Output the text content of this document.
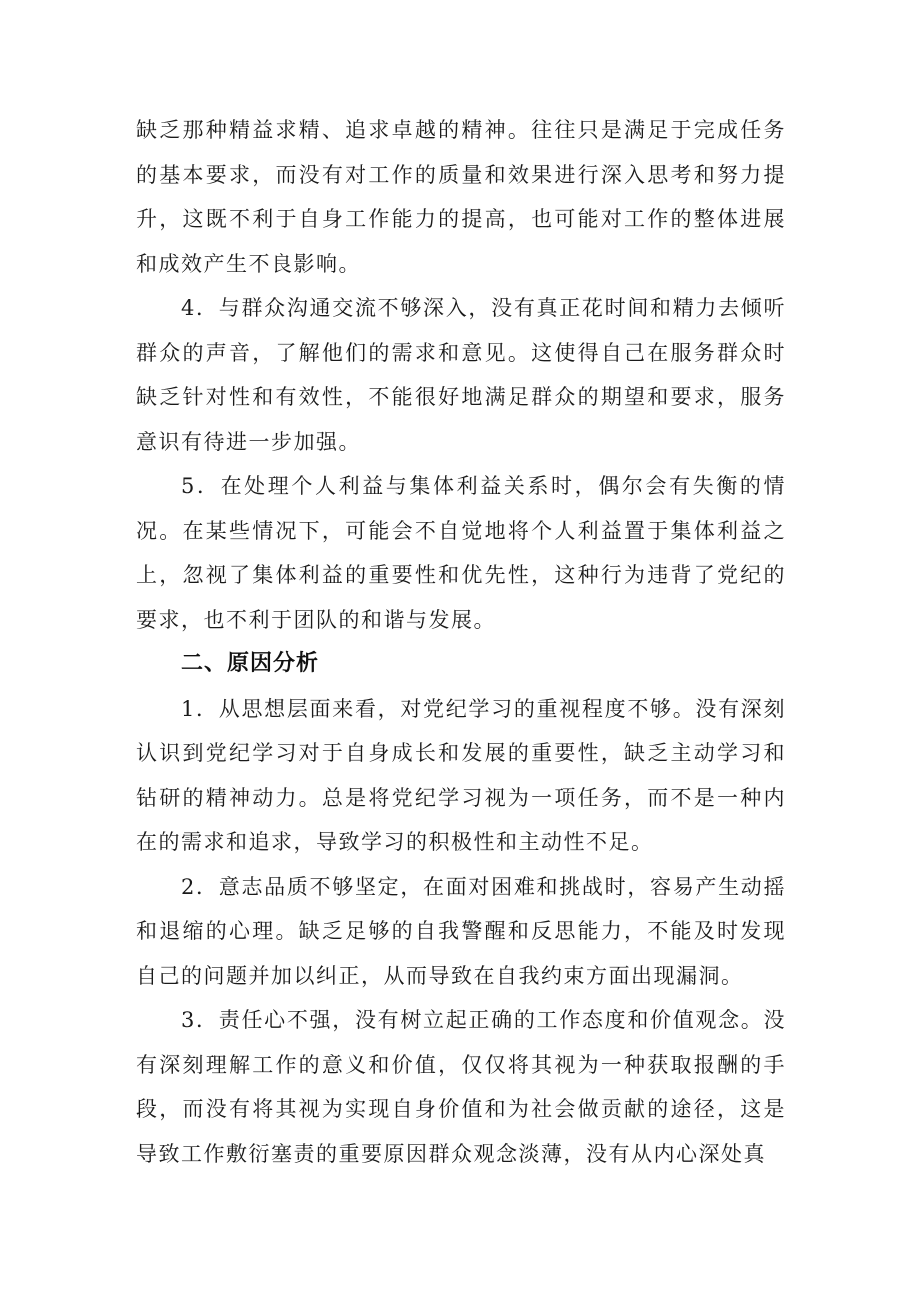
缺乏那种精益求精、追求卓越的精神。往往只是满足于完成任务的基本要求，而没有对工作的质量和效果进行深入思考和努力提升，这既不利于自身工作能力的提高，也可能对工作的整体进展和成效产生不良影响。

4．与群众沟通交流不够深入，没有真正花时间和精力去倾听群众的声音，了解他们的需求和意见。这使得自己在服务群众时缺乏针对性和有效性，不能很好地满足群众的期望和要求，服务意识有待进一步加强。

5．在处理个人利益与集体利益关系时，偶尔会有失衡的情况。在某些情况下，可能会不自觉地将个人利益置于集体利益之上，忽视了集体利益的重要性和优先性，这种行为违背了党纪的要求，也不利于团队的和谐与发展。

二、原因分析

1．从思想层面来看，对党纪学习的重视程度不够。没有深刻认识到党纪学习对于自身成长和发展的重要性，缺乏主动学习和钻研的精神动力。总是将党纪学习视为一项任务，而不是一种内在的需求和追求，导致学习的积极性和主动性不足。

2．意志品质不够坚定，在面对困难和挑战时，容易产生动摇和退缩的心理。缺乏足够的自我警醒和反思能力，不能及时发现自己的问题并加以纠正，从而导致在自我约束方面出现漏洞。

3．责任心不强，没有树立起正确的工作态度和价值观念。没有深刻理解工作的意义和价值，仅仅将其视为一种获取报酬的手段，而没有将其视为实现自身价值和为社会做贡献的途径，这是导致工作敷衍塞责的重要原因群众观念淡薄，没有从内心深处真
